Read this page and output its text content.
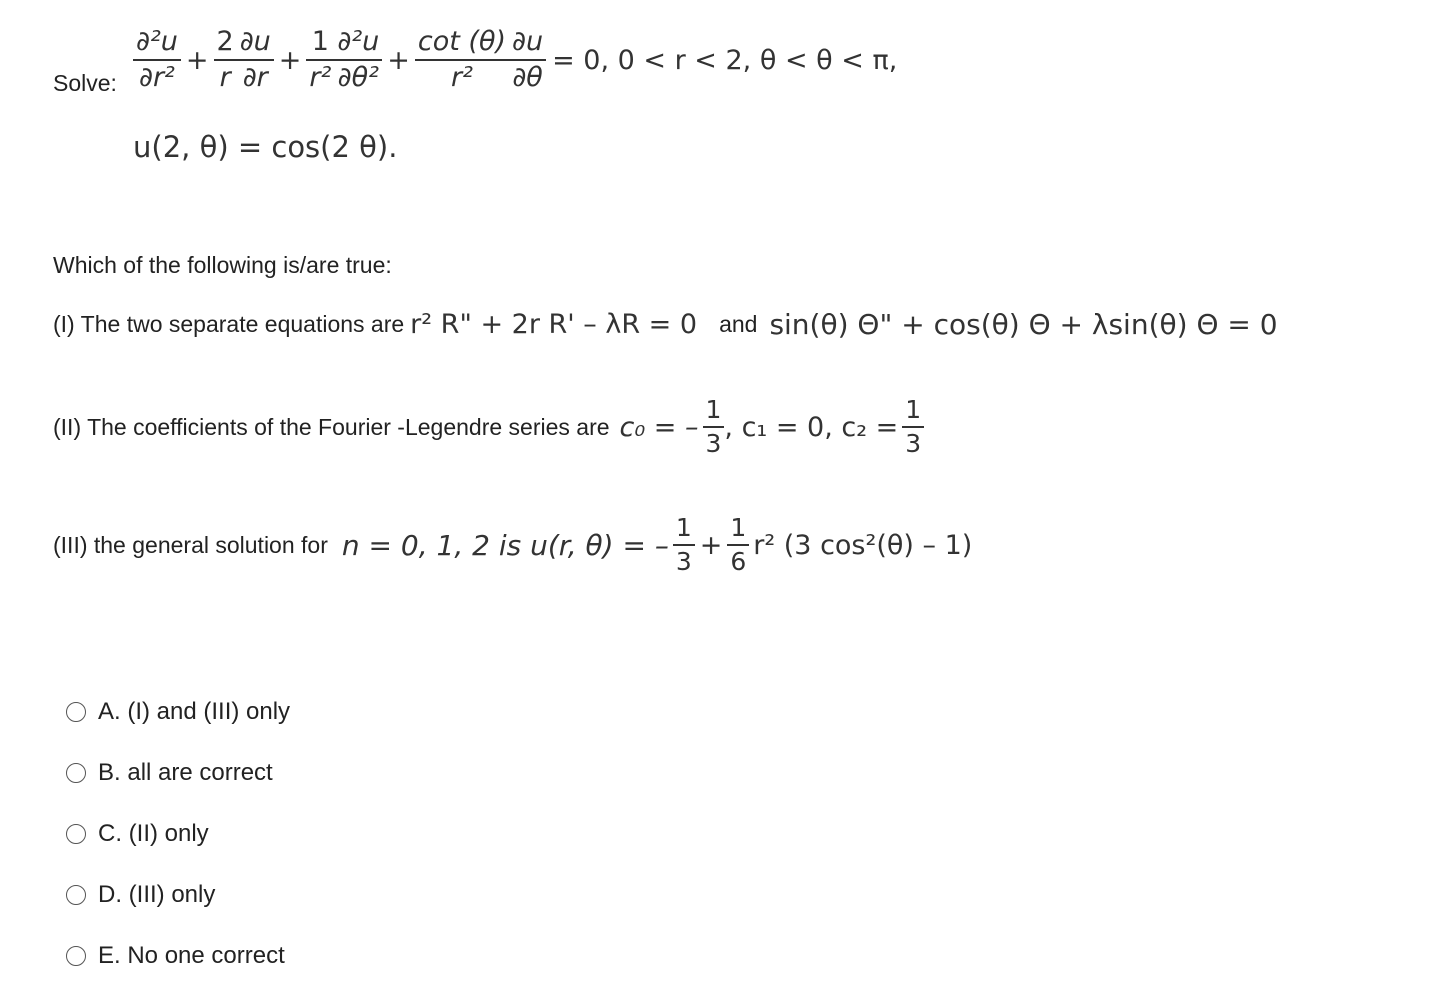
Solve: $\frac{\text{∂²u}}{\text{∂r²}} + \frac{2}{r} \frac{\partial u}{\partial r} + \frac{1}{\text{r²}} \frac{\text{∂²u}}{\text{∂θ²}} + \frac{\cot (\theta)}{\text{r²}} \frac{\partial u}{\partial\theta} = 0$, 0 < r < 2, θ < θ < π,
u(2, θ) = cos(2 θ).
Which of the following is/are true:
(I) The two separate equations are r² R" + 2r R' – λR = 0 and sin(θ) Θ" + cos(θ) Θ + λsin(θ) Θ = 0
(II) The coefficients of the Fourier -Legendre series are c₀ = – $\frac{1}{3}$ , c₁ = 0, $c_2 = \frac{1}{3}$
(III) the general solution for n = 0, 1, 2 is u(r, θ) = – $\frac{1}{3} + \frac{1}{6} r^2$ (3 cos²(θ) – 1)
A. (I) and (III) only
B. all are correct
C. (II) only
D. (III) only
E. No one correct
